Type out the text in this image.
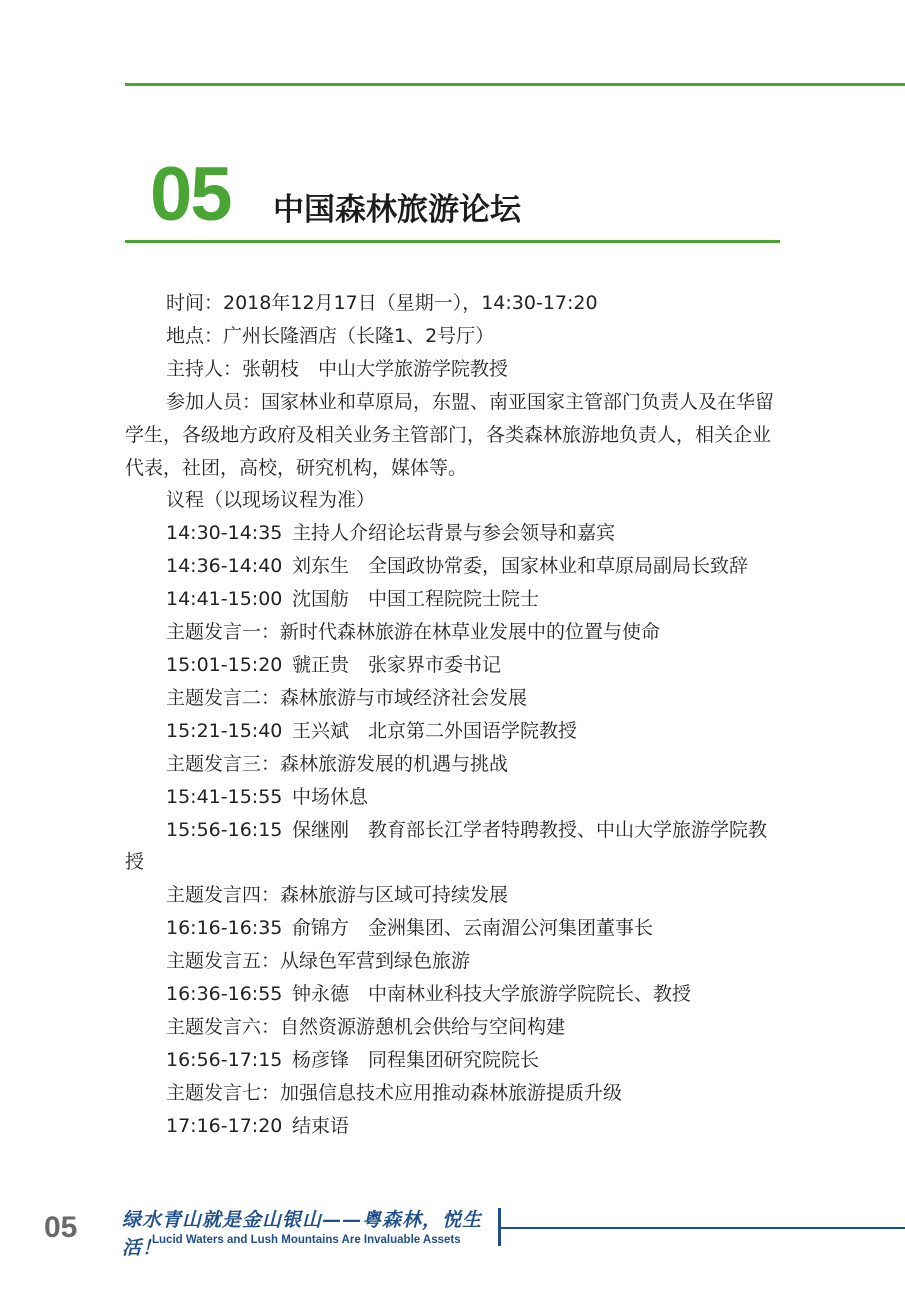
05 中国森林旅游论坛

时间：2018年12月17日（星期一），14:30-17:20

地点：广州长隆酒店（长隆1、2号厅）

主持人：张朝枝　中山大学旅游学院教授

参加人员：国家林业和草原局，东盟、南亚国家主管部门负责人及在华留学生，各级地方政府及相关业务主管部门，各类森林旅游地负责人，相关企业代表，社团，高校，研究机构，媒体等。

议程（以现场议程为准）

14:30-14:35 主持人介绍论坛背景与参会领导和嘉宾

14:36-14:40 刘东生　全国政协常委，国家林业和草原局副局长致辞

14:41-15:00 沈国舫　中国工程院院士院士

主题发言一：新时代森林旅游在林草业发展中的位置与使命

15:01-15:20 虢正贵　张家界市委书记

主题发言二：森林旅游与市域经济社会发展

15:21-15:40 王兴斌　北京第二外国语学院教授

主题发言三：森林旅游发展的机遇与挑战

15:41-15:55 中场休息

15:56-16:15 保继刚　教育部长江学者特聘教授、中山大学旅游学院教授

主题发言四：森林旅游与区域可持续发展

16:16-16:35 俞锦方　金洲集团、云南湄公河集团董事长

主题发言五：从绿色军营到绿色旅游

16:36-16:55 钟永德　中南林业科技大学旅游学院院长、教授

主题发言六：自然资源游憩机会供给与空间构建

16:56-17:15 杨彦锋　同程集团研究院院长

主题发言七：加强信息技术应用推动森林旅游提质升级

17:16-17:20 结束语

05 绿水青山就是金山银山——粤森林，悦生活！
Lucid Waters and Lush Mountains Are Invaluable Assets
